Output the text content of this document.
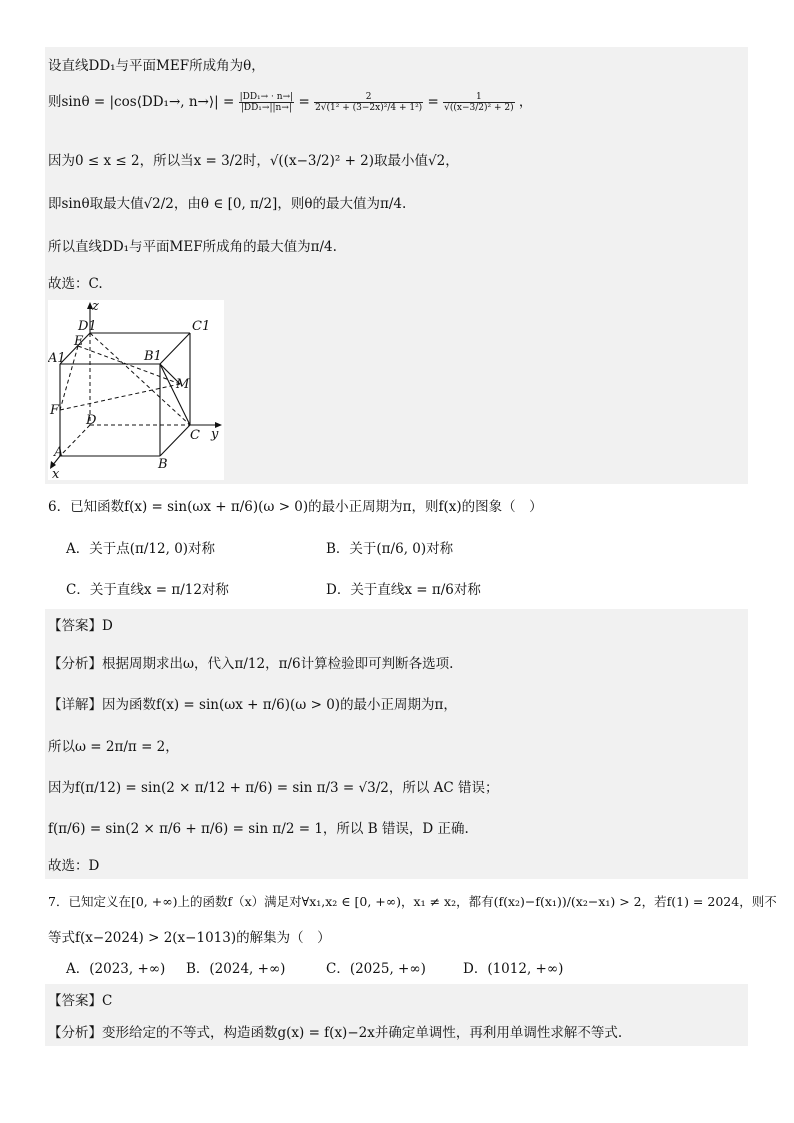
设直线DD₁与平面MEF所成角为θ，
则sinθ = |cos⟨DD₁→, n→⟩| = $\frac{\text{|DD₁→ · n→|}}{\text{|DD₁→||n→|}} = \frac{2}{\text{2√(1² + (3−2x)²/4 + 1²)}} = \frac{1}{\text{√((x−3/2)² + 2)}}$ ，
因为0 ≤ x ≤ 2，所以当x = 3/2时，√((x−3/2)² + 2)取最小值√2，
即sinθ取最大值√2/2，由θ ∈ [0, π/2]，则θ的最大值为π/4.
所以直线DD₁与平面MEF所成角的最大值为π/4.
故选：C.
z
D1	C1
E
A1	B1
M
F
D
C y
A
B
x
6．已知函数f(x) = sin(ωx + π/6)(ω > 0)的最小正周期为π，则f(x)的图象（　）
A．关于点(π/12, 0)对称	B．关于(π/6, 0)对称
C．关于直线x = π/12对称	D．关于直线x = π/6对称
【答案】D
【分析】根据周期求出ω，代入π/12，π/6计算检验即可判断各选项.
【详解】因为函数f(x) = sin(ωx + π/6)(ω > 0)的最小正周期为π，
所以ω = 2π/π = 2，
因为f(π/12) = sin(2 × π/12 + π/6) = sin π/3 = √3/2，所以 AC 错误；
f(π/6) = sin(2 × π/6 + π/6) = sin π/2 = 1，所以 B 错误，D 正确.
故选：D
7．已知定义在[0, +∞)上的函数f（x）满足对∀x₁,x₂ ∈ [0, +∞)，x₁ ≠ x₂，都有(f(x₂)−f(x₁))/(x₂−x₁) > 2，若f(1) = 2024，则不
等式f(x−2024) > 2(x−1013)的解集为（　）
A．(2023, +∞) B．(2024, +∞)	C．(2025, +∞)	D．(1012, +∞)
【答案】C
【分析】变形给定的不等式，构造函数g(x) = f(x)−2x并确定单调性，再利用单调性求解不等式.
